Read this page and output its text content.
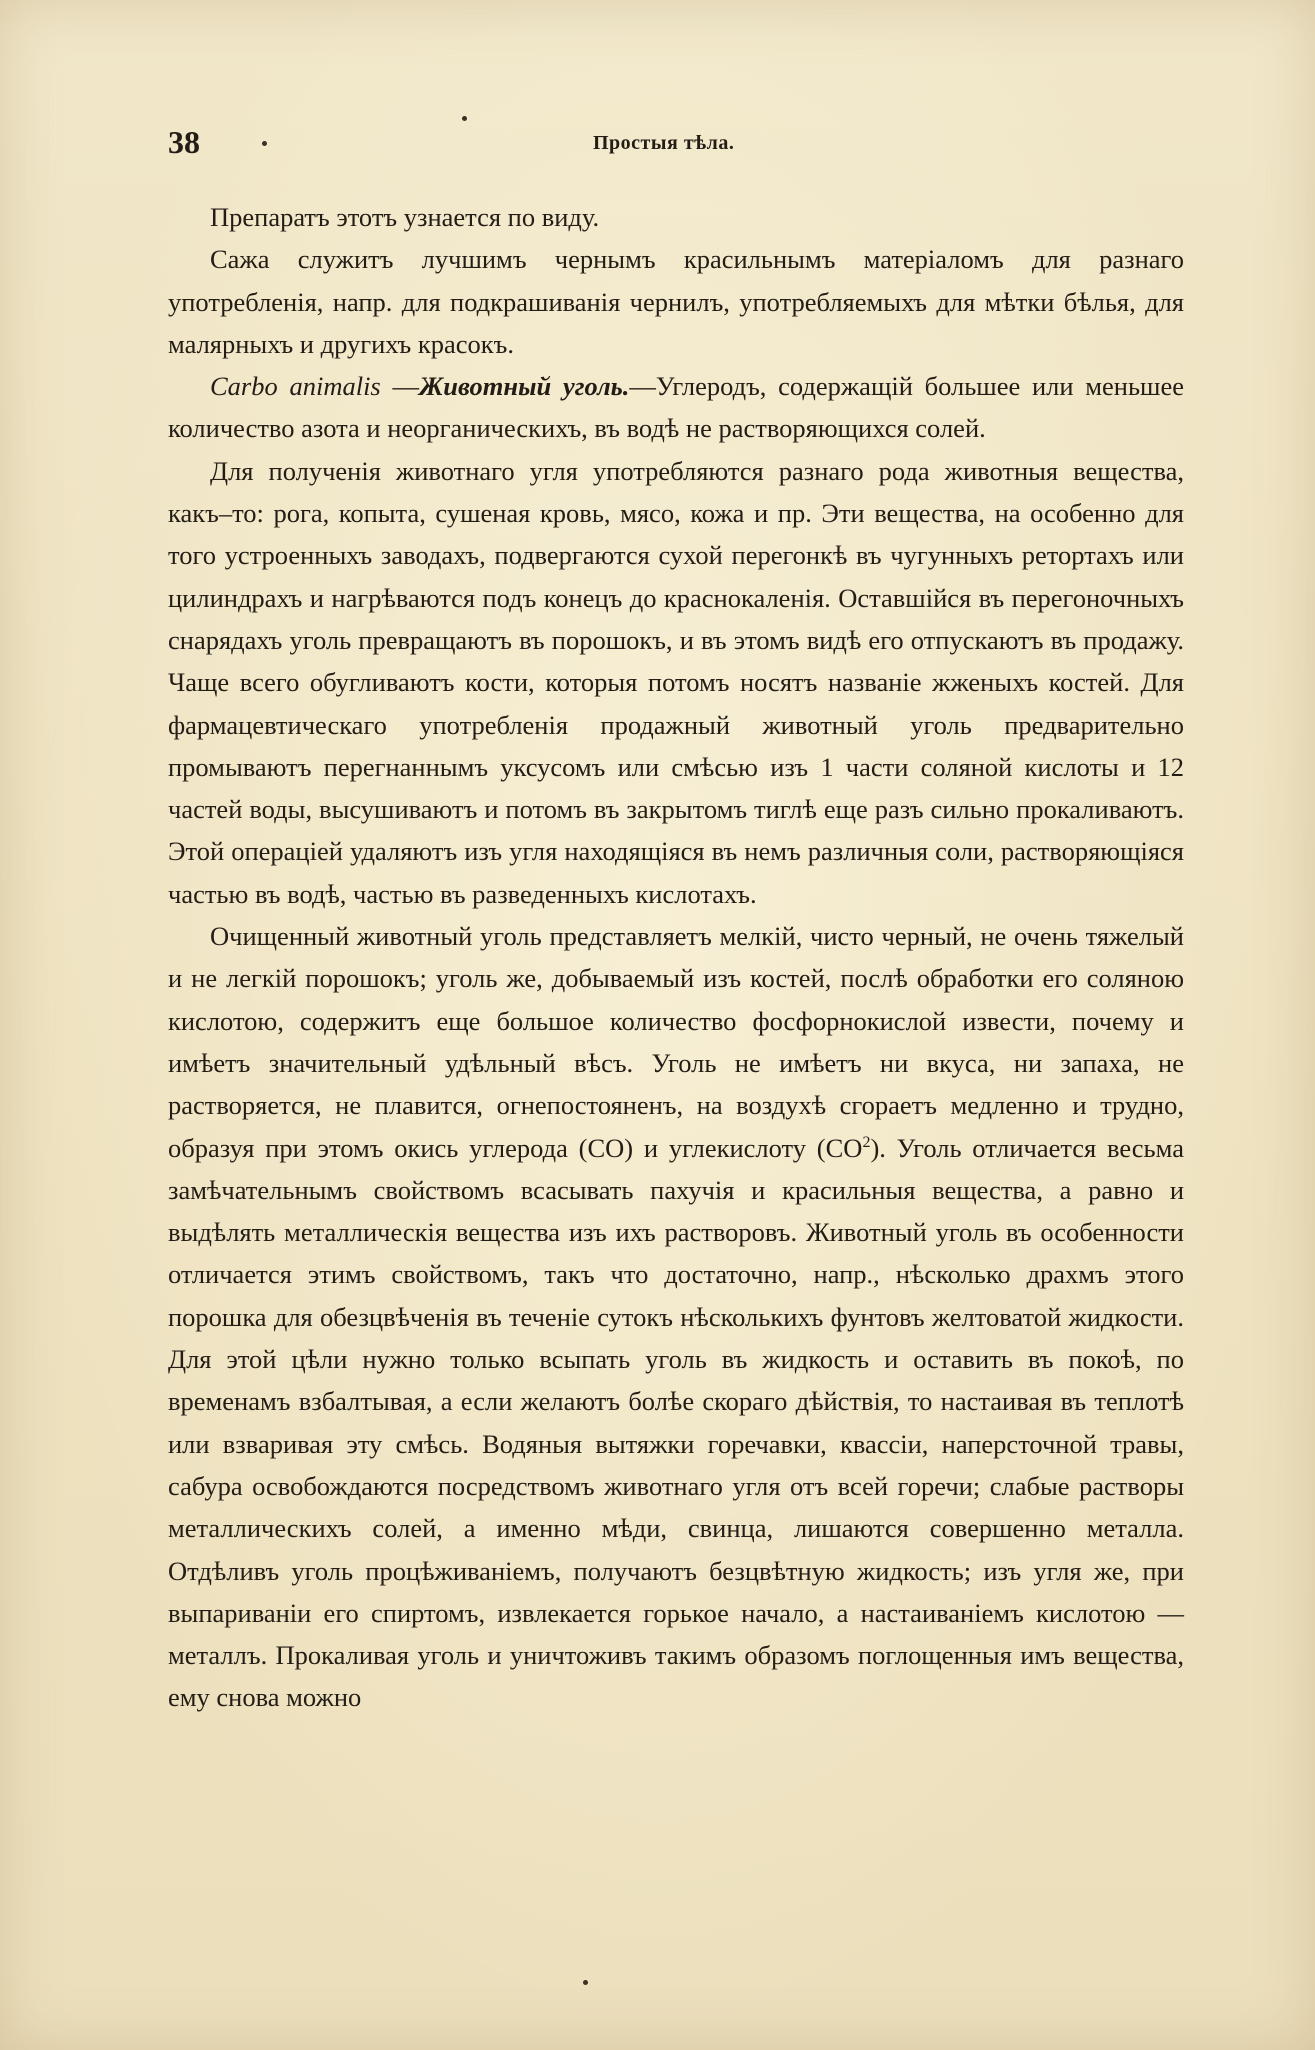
38	Простыя тѣла.

Препаратъ этотъ узнается по виду.

Сажа служитъ лучшимъ чернымъ красильнымъ матеріаломъ для разнаго употребленія, напр. для подкрашиванія чернилъ, употребляемыхъ для мѣтки бѣлья, для малярныхъ и другихъ красокъ.

Carbo animalis —Животный уголь.—Углеродъ, содержащій большее или меньшее количество азота и неорганическихъ, въ водѣ не растворяющихся солей.

Для полученія животнаго угля употребляются разнаго рода животныя вещества, какъ–то: рога, копыта, сушеная кровь, мясо, кожа и пр. Эти вещества, на особенно для того устроенныхъ заводахъ, подвергаются сухой перегонкѣ въ чугунныхъ ретортахъ или цилиндрахъ и нагрѣваются подъ конецъ до краснокаленія. Оставшійся въ перегоночныхъ снарядахъ уголь превращаютъ въ порошокъ, и въ этомъ видѣ его отпускаютъ въ продажу. Чаще всего обугливаютъ кости, которыя потомъ носятъ названіе жженыхъ костей. Для фармацевтическаго употребленія продажный животный уголь предварительно промываютъ перегнаннымъ уксусомъ или смѣсью изъ 1 части соляной кислоты и 12 частей воды, высушиваютъ и потомъ въ закрытомъ тиглѣ еще разъ сильно прокаливаютъ. Этой операціей удаляютъ изъ угля находящіяся въ немъ различныя соли, растворяющіяся частью въ водѣ, частью въ разведенныхъ кислотахъ.

Очищенный животный уголь представляетъ мелкій, чисто черный, не очень тяжелый и не легкій порошокъ; уголь же, добываемый изъ костей, послѣ обработки его соляною кислотою, содержитъ еще большое количество фосфорнокислой извести, почему и имѣетъ значительный удѣльный вѣсъ. Уголь не имѣетъ ни вкуса, ни запаха, не растворяется, не плавится, огнепостояненъ, на воздухѣ сгораетъ медленно и трудно, образуя при этомъ окись углерода (CO) и углекислоту $(CO^2)$. Уголь отличается весьма замѣчательнымъ свойствомъ всасывать пахучія и красильныя вещества, а равно и выдѣлять металлическія вещества изъ ихъ растворовъ. Животный уголь въ особенности отличается этимъ свойствомъ, такъ что достаточно, напр., нѣсколько драхмъ этого порошка для обезцвѣченія въ теченіе сутокъ нѣсколькихъ фунтовъ желтоватой жидкости. Для этой цѣли нужно только всыпать уголь въ жидкость и оставить въ покоѣ, по временамъ взбалтывая, а если желаютъ болѣе скораго дѣйствія, то настаивая въ теплотѣ или взваривая эту смѣсь. Водяныя вытяжки горечавки, квассіи, наперсточной травы, сабура освобождаются посредствомъ животнаго угля отъ всей горечи; слабые растворы металлическихъ солей, а именно мѣди, свинца, лишаются совершенно металла. Отдѣливъ уголь процѣживаніемъ, получаютъ безцвѣтную жидкость; изъ угля же, при выпариваніи его спиртомъ, извлекается горькое начало, а настаиваніемъ кислотою — металлъ. Прокаливая уголь и уничтоживъ такимъ образомъ поглощенныя имъ вещества, ему снова можно
